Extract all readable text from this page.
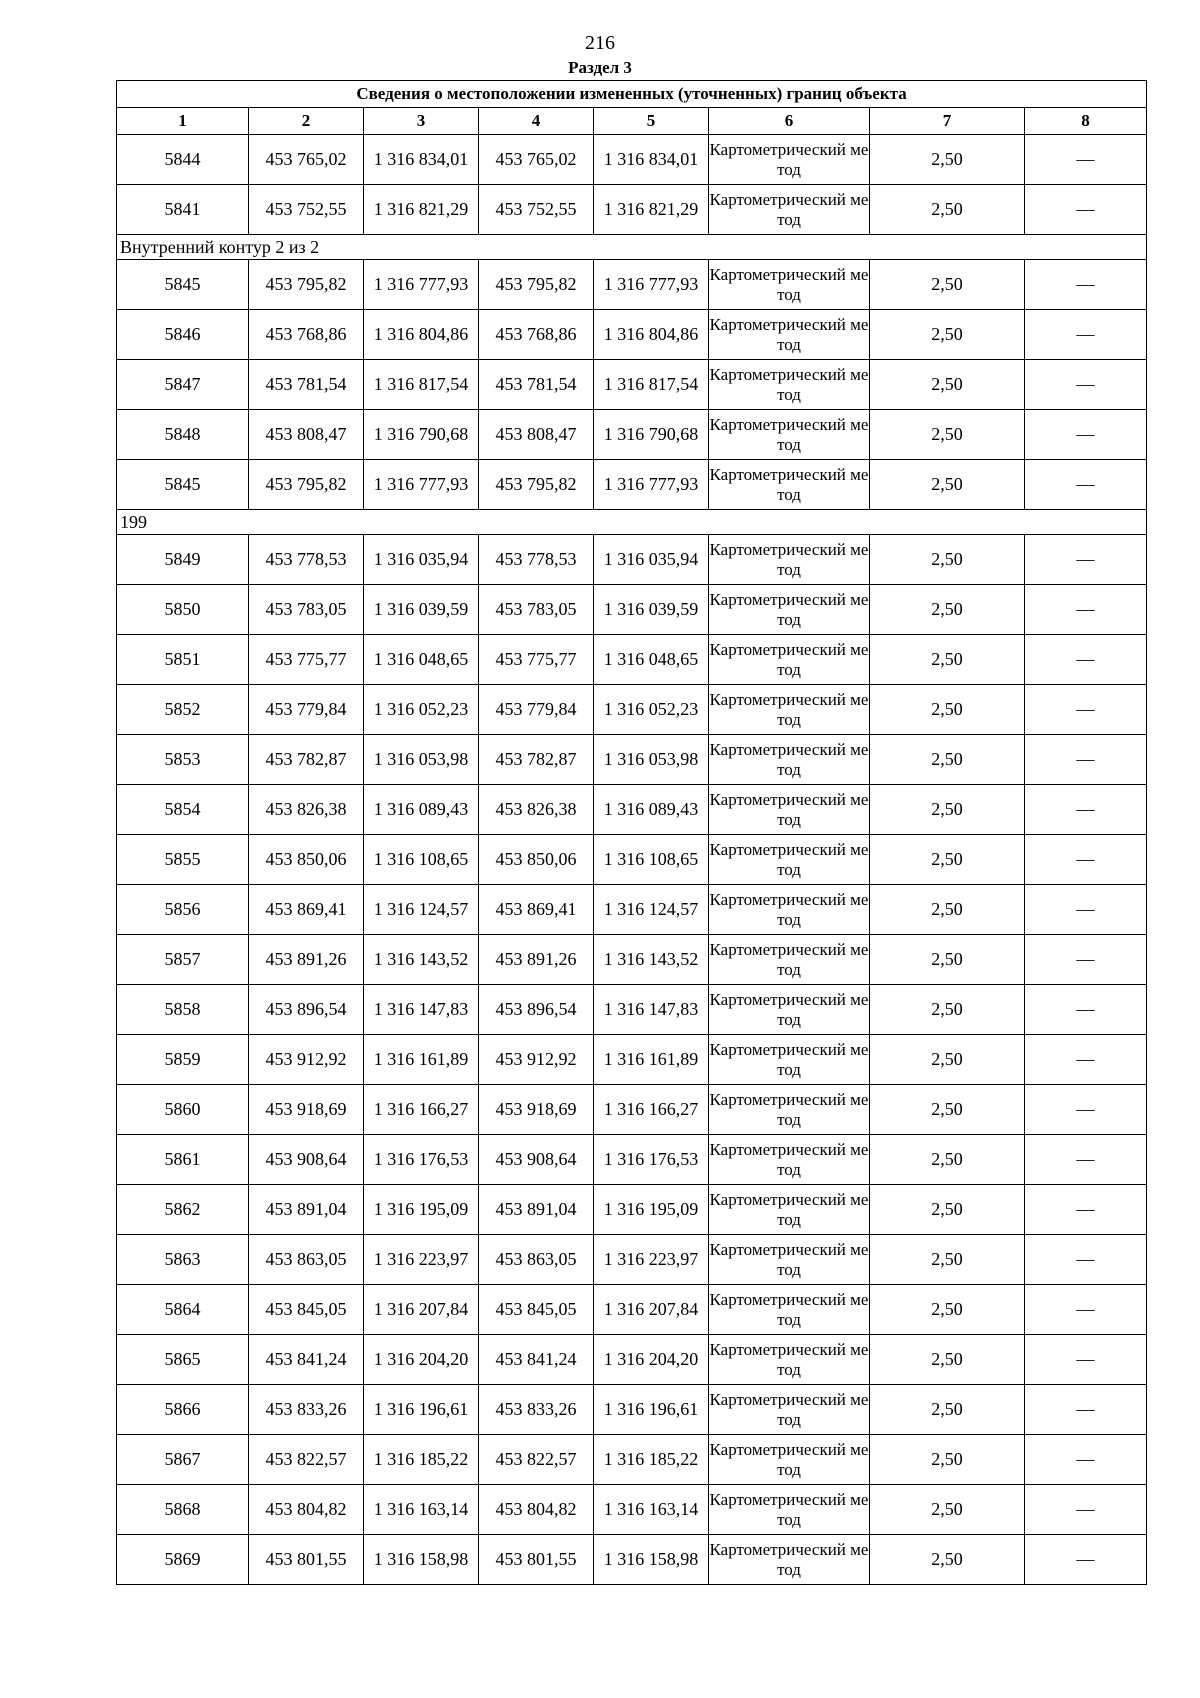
216
Раздел 3
Сведения о местоположении измененных (уточненных) границ объекта							
1	2	3	4	5	6	7	8
5844	453 765,02	1 316 834,01	453 765,02	1 316 834,01	Картометрический метод	2,50	—
5841	453 752,55	1 316 821,29	453 752,55	1 316 821,29	Картометрический метод	2,50	—
Внутренний контур 2 из 2							
5845	453 795,82	1 316 777,93	453 795,82	1 316 777,93	Картометрический метод	2,50	—
5846	453 768,86	1 316 804,86	453 768,86	1 316 804,86	Картометрический метод	2,50	—
5847	453 781,54	1 316 817,54	453 781,54	1 316 817,54	Картометрический метод	2,50	—
5848	453 808,47	1 316 790,68	453 808,47	1 316 790,68	Картометрический метод	2,50	—
5845	453 795,82	1 316 777,93	453 795,82	1 316 777,93	Картометрический метод	2,50	—
199							
5849	453 778,53	1 316 035,94	453 778,53	1 316 035,94	Картометрический метод	2,50	—
5850	453 783,05	1 316 039,59	453 783,05	1 316 039,59	Картометрический метод	2,50	—
5851	453 775,77	1 316 048,65	453 775,77	1 316 048,65	Картометрический метод	2,50	—
5852	453 779,84	1 316 052,23	453 779,84	1 316 052,23	Картометрический метод	2,50	—
5853	453 782,87	1 316 053,98	453 782,87	1 316 053,98	Картометрический метод	2,50	—
5854	453 826,38	1 316 089,43	453 826,38	1 316 089,43	Картометрический метод	2,50	—
5855	453 850,06	1 316 108,65	453 850,06	1 316 108,65	Картометрический метод	2,50	—
5856	453 869,41	1 316 124,57	453 869,41	1 316 124,57	Картометрический метод	2,50	—
5857	453 891,26	1 316 143,52	453 891,26	1 316 143,52	Картометрический метод	2,50	—
5858	453 896,54	1 316 147,83	453 896,54	1 316 147,83	Картометрический метод	2,50	—
5859	453 912,92	1 316 161,89	453 912,92	1 316 161,89	Картометрический метод	2,50	—
5860	453 918,69	1 316 166,27	453 918,69	1 316 166,27	Картометрический метод	2,50	—
5861	453 908,64	1 316 176,53	453 908,64	1 316 176,53	Картометрический метод	2,50	—
5862	453 891,04	1 316 195,09	453 891,04	1 316 195,09	Картометрический метод	2,50	—
5863	453 863,05	1 316 223,97	453 863,05	1 316 223,97	Картометрический метод	2,50	—
5864	453 845,05	1 316 207,84	453 845,05	1 316 207,84	Картометрический метод	2,50	—
5865	453 841,24	1 316 204,20	453 841,24	1 316 204,20	Картометрический метод	2,50	—
5866	453 833,26	1 316 196,61	453 833,26	1 316 196,61	Картометрический метод	2,50	—
5867	453 822,57	1 316 185,22	453 822,57	1 316 185,22	Картометрический метод	2,50	—
5868	453 804,82	1 316 163,14	453 804,82	1 316 163,14	Картометрический метод	2,50	—
5869	453 801,55	1 316 158,98	453 801,55	1 316 158,98	Картометрический метод	2,50	—
